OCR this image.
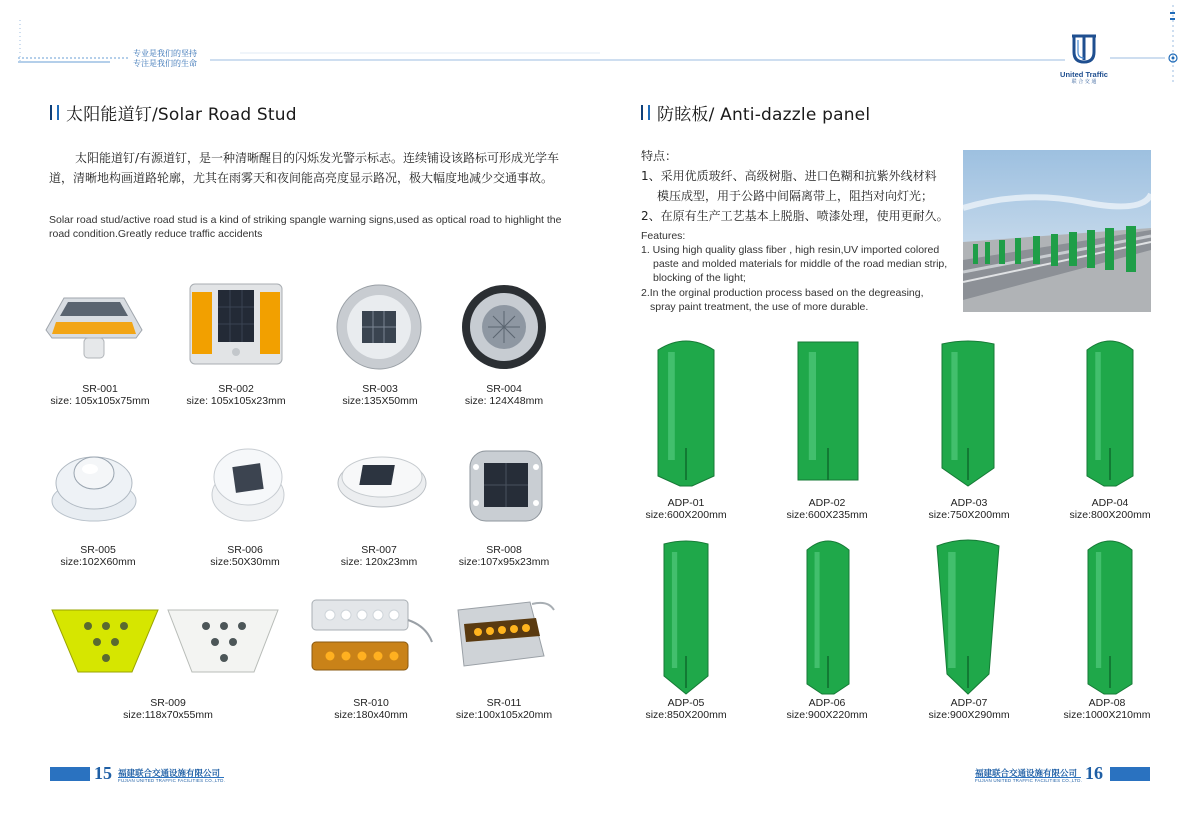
专业是我们的坚持
专注是我们的生命
United Traffic
联 合 交 通
太阳能道钉/Solar Road Stud
太阳能道钉/有源道钉，是一种清晰醒目的闪烁发光警示标志。连续铺设该路标可形成光学车道，清晰地构画道路轮廓，尤其在雨雾天和夜间能高亮度显示路况，极大幅度地减少交通事故。
Solar road stud/active road stud is a kind of striking spangle warning signs,used as optical road to highlight the road condition.Greatly reduce traffic accidents
SR-001
size: 105x105x75mm
SR-002
size: 105x105x23mm
SR-003
size:135X50mm
SR-004
size: 124X48mm
SR-005
size:102X60mm
SR-006
size:50X30mm
SR-007
size: 120x23mm
SR-008
size:107x95x23mm
SR-009
size:118x70x55mm
SR-010
size:180x40mm
SR-011
size:100x105x20mm
防眩板/ Anti-dazzle panel
特点：
1、采用优质玻纤、高级树脂、进口色糊和抗紫外线材料
模压成型，用于公路中间隔离带上，阻挡对向灯光；
2、在原有生产工艺基本上脱脂、喷漆处理，使用更耐久。
Features:
1. Using high quality glass fiber , high resin,UV imported colored
paste and molded materials for middle of the road median strip,
blocking of the light;
2.In the orginal production process based on the degreasing,
spray paint treatment, the use of more durable.
ADP-01
size:600X200mm
ADP-02
size:600X235mm
ADP-03
size:750X200mm
ADP-04
size:800X200mm
ADP-05
size:850X200mm
ADP-06
size:900X220mm
ADP-07
size:900X290mm
ADP-08
size:1000X210mm
15 福建联合交通设施有限公司
FUJIAN UNITED TRAFFIC FACILITIES CO.,LTD.
福建联合交通设施有限公司
FUJIAN UNITED TRAFFIC FACILITIES CO.,LTD. 16
